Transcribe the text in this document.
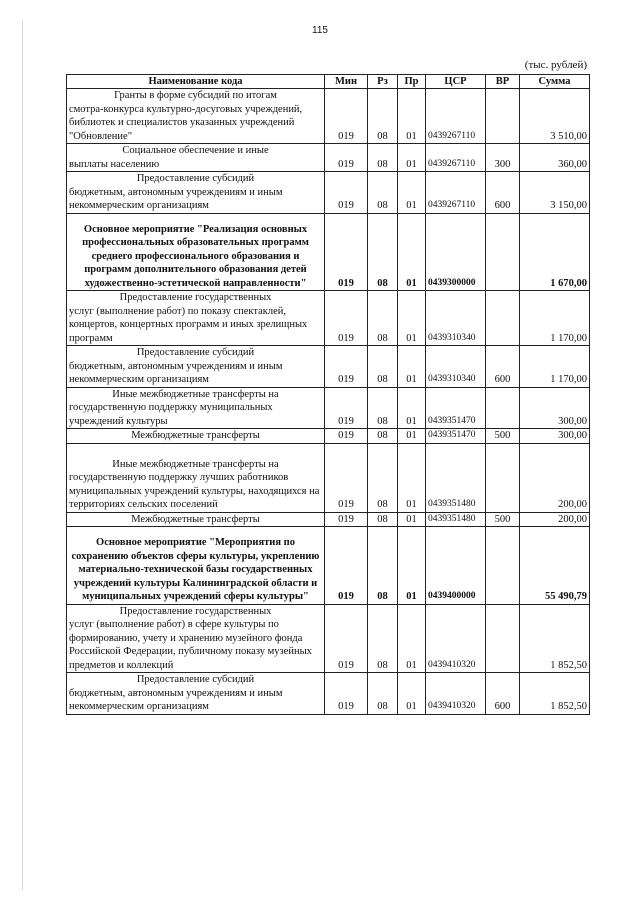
115
(тыс. рублей)
Наименование кода	Мин	Рз	Пр	ЦСР	ВР	Сумма

Гранты в форме субсидий по итогам
смотра-конкурса культурно-досуговых учреждений, библиотек и специалистов указанных учреждений "Обновление"	019	08	01	0439267110		3 510,00

Социальное обеспечение и иные
выплаты населению	019	08	01	0439267110	300	360,00

Предоставление субсидий
бюджетным, автономным учреждениям и иным некоммерческим организациям	019	08	01	0439267110	600	3 150,00
Основное мероприятие "Реализация основных профессиональных образовательных программ среднего профессионального образования и программ дополнительного образования детей художественно-эстетической направленности"	019	08	01	0439300000		1 670,00

Предоставление государственных
услуг (выполнение работ) по показу спектаклей, концертов, концертных программ и иных зрелищных программ	019	08	01	0439310340		1 170,00

Предоставление субсидий
бюджетным, автономным учреждениям и иным некоммерческим организациям	019	08	01	0439310340	600	1 170,00

Иные межбюджетные трансферты на
государственную поддержку муниципальных учреждений культуры	019	08	01	0439351470		300,00
Межбюджетные трансферты	019	08	01	0439351470	500	300,00

Иные межбюджетные трансферты на
государственную поддержку лучших работников муниципальных учреждений культуры, находящихся на территориях сельских поселений	019	08	01	0439351480		200,00
Межбюджетные трансферты	019	08	01	0439351480	500	200,00
Основное мероприятие "Мероприятия по сохранению объектов сферы культуры, укреплению материально-технической базы государственных учреждений культуры Калининградской области и муниципальных учреждений сферы культуры"	019	08	01	0439400000		55 490,79

Предоставление государственных
услуг (выполнение работ) в сфере культуры по формированию, учету и хранению музейного фонда Российской Федерации, публичному показу музейных предметов и коллекций	019	08	01	0439410320		1 852,50

Предоставление субсидий
бюджетным, автономным учреждениям и иным некоммерческим организациям	019	08	01	0439410320	600	1 852,50
